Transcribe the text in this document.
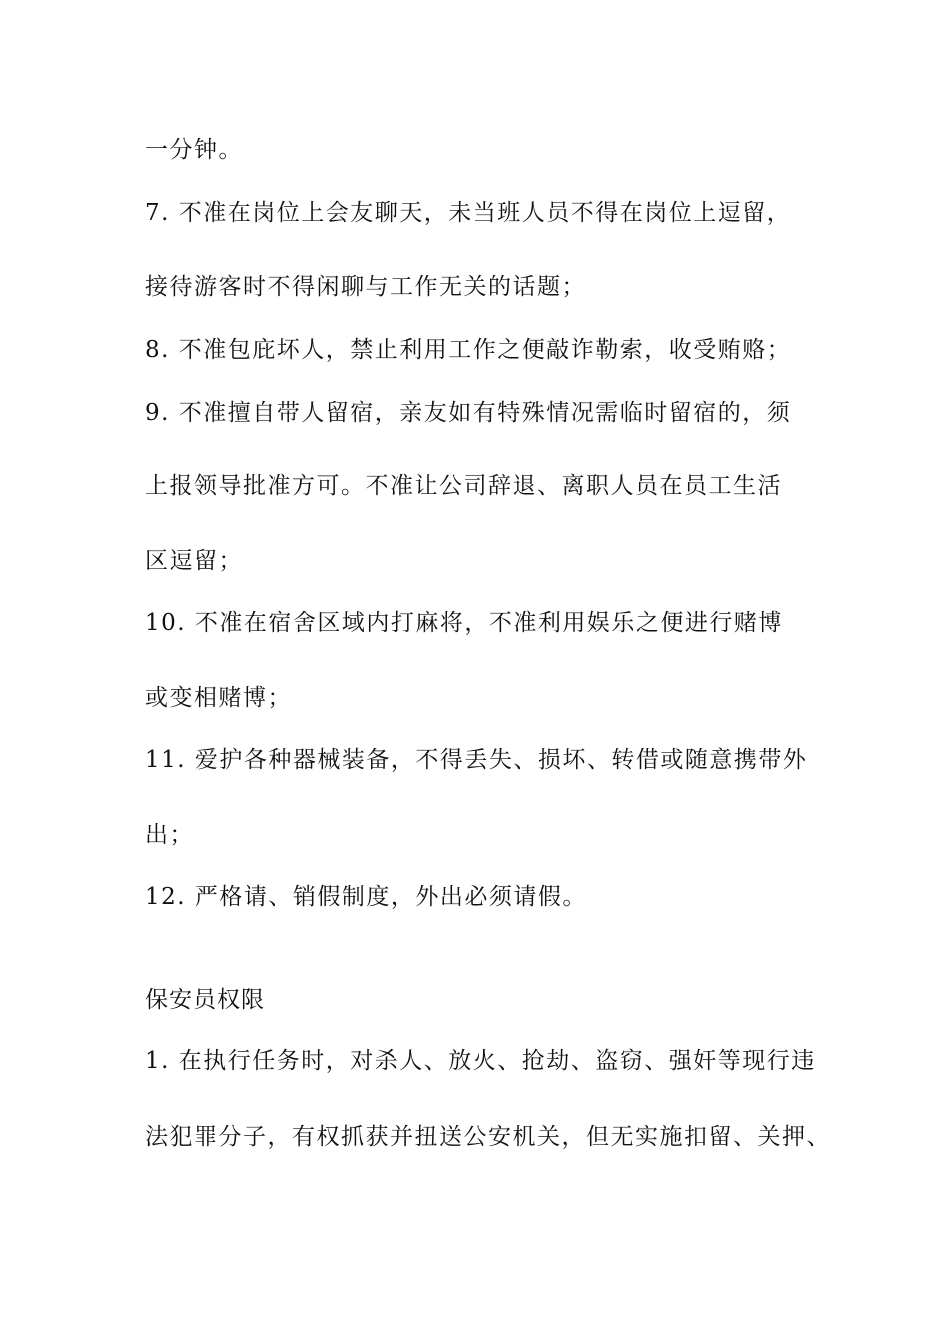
一分钟。
7. 不准在岗位上会友聊天，未当班人员不得在岗位上逗留，
接待游客时不得闲聊与工作无关的话题；
8. 不准包庇坏人，禁止利用工作之便敲诈勒索，收受贿赂；
9. 不准擅自带人留宿，亲友如有特殊情况需临时留宿的，须
上报领导批准方可。不准让公司辞退、离职人员在员工生活
区逗留；
10. 不准在宿舍区域内打麻将，不准利用娱乐之便进行赌博
或变相赌博；
11. 爱护各种器械装备，不得丢失、损坏、转借或随意携带外
出；
12. 严格请、销假制度，外出必须请假。
保安员权限
1. 在执行任务时，对杀人、放火、抢劫、盗窃、强奸等现行违
法犯罪分子，有权抓获并扭送公安机关，但无实施扣留、关押、
